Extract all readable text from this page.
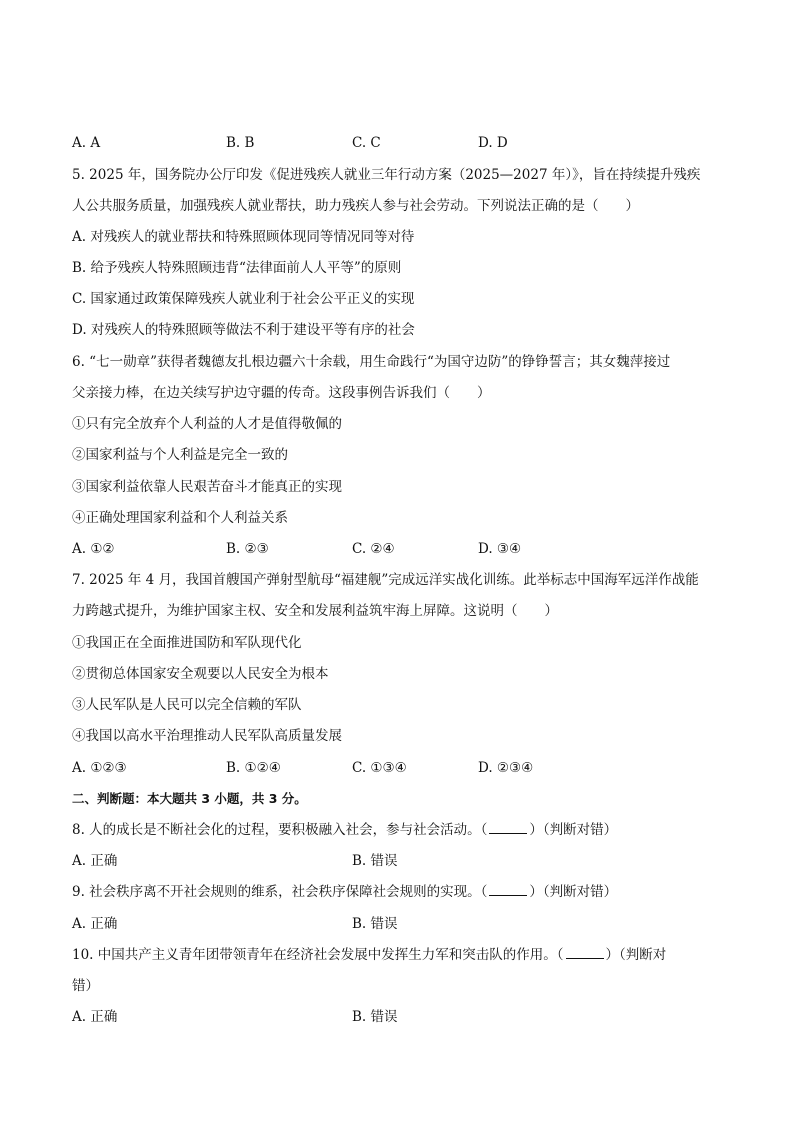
A. A	B. B	C. C	D. D
5. 2025 年，国务院办公厅印发《促进残疾人就业三年行动方案（2025—2027 年）》，旨在持续提升残疾
人公共服务质量，加强残疾人就业帮扶，助力残疾人参与社会劳动。下列说法正确的是（　　）
A. 对残疾人的就业帮扶和特殊照顾体现同等情况同等对待
B. 给予残疾人特殊照顾违背“法律面前人人平等”的原则
C. 国家通过政策保障残疾人就业利于社会公平正义的实现
D. 对残疾人的特殊照顾等做法不利于建设平等有序的社会
6. “七一勋章”获得者魏德友扎根边疆六十余载，用生命践行“为国守边防”的铮铮誓言；其女魏萍接过
父亲接力棒，在边关续写护边守疆的传奇。这段事例告诉我们（　　）
①只有完全放弃个人利益的人才是值得敬佩的
②国家利益与个人利益是完全一致的
③国家利益依靠人民艰苦奋斗才能真正的实现
④正确处理国家利益和个人利益关系
A. ①②	B. ②③	C. ②④	D. ③④
7. 2025 年 4 月，我国首艘国产弹射型航母“福建舰”完成远洋实战化训练。此举标志中国海军远洋作战能
力跨越式提升，为维护国家主权、安全和发展利益筑牢海上屏障。这说明（　　）
①我国正在全面推进国防和军队现代化
②贯彻总体国家安全观要以人民安全为根本
③人民军队是人民可以完全信赖的军队
④我国以高水平治理推动人民军队高质量发展
A. ①②③	B. ①②④	C. ①③④	D. ②③④
二、判断题：本大题共 3 小题，共 3 分。
8. 人的成长是不断社会化的过程，要积极融入社会，参与社会活动。（	）（判断对错）
A. 正确	B. 错误
9. 社会秩序离不开社会规则的维系，社会秩序保障社会规则的实现。（	）（判断对错）
A. 正确	B. 错误
10. 中国共产主义青年团带领青年在经济社会发展中发挥生力军和突击队的作用。（	）（判断对
错）
A. 正确	B. 错误
